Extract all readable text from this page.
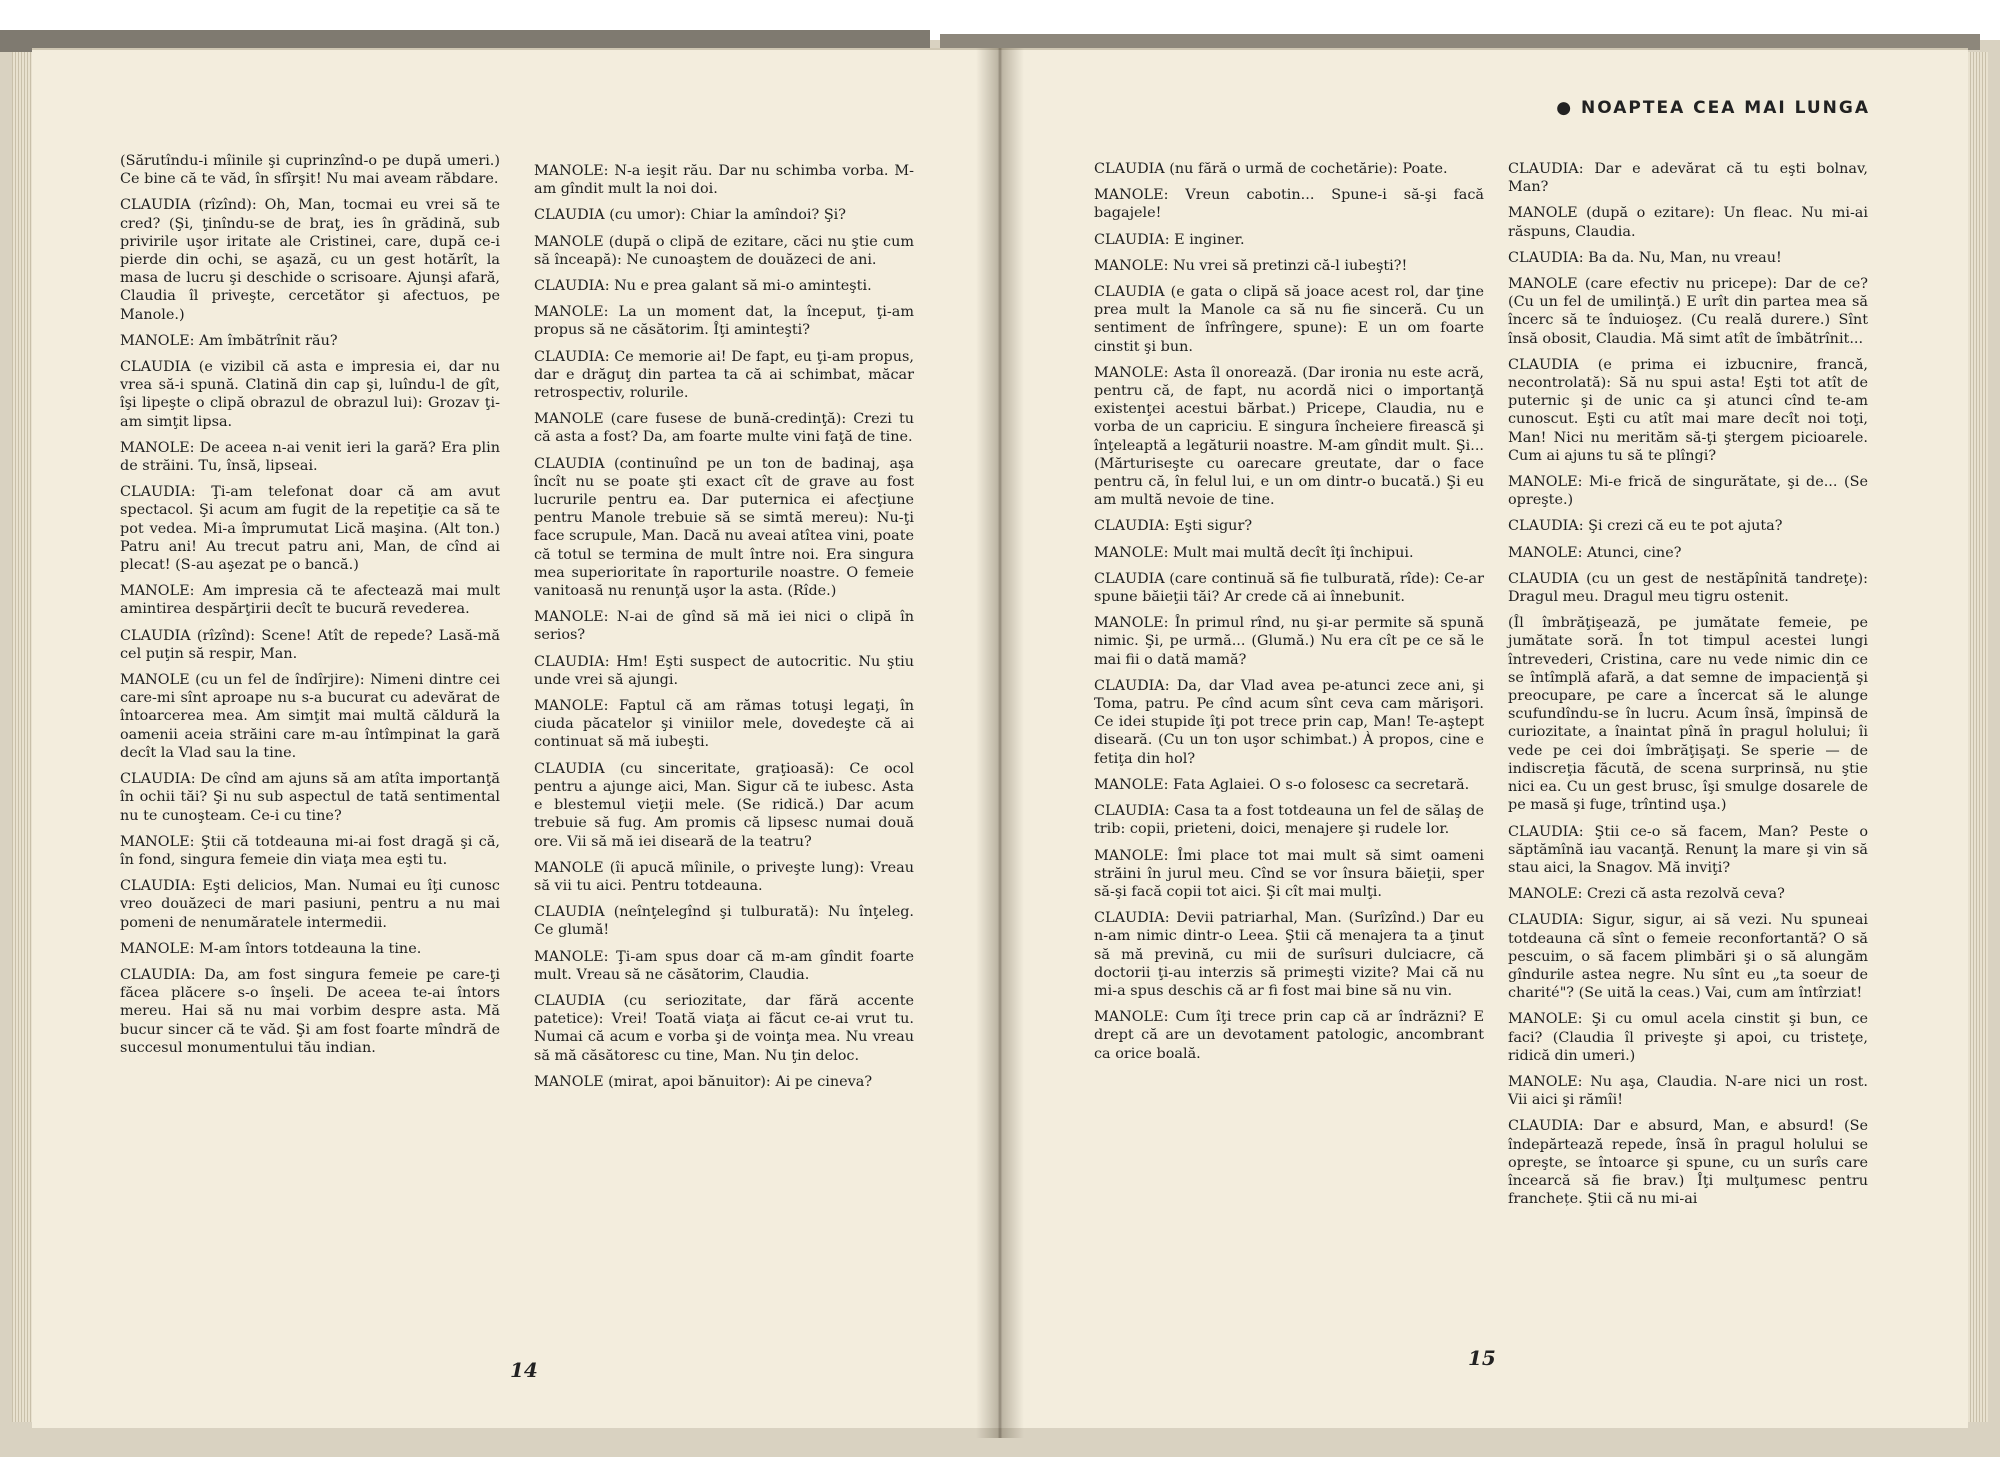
(Sărutîndu-i mîinile şi cuprinzînd-o pe după umeri.) Ce bine că te văd, în sfîrşit! Nu mai aveam răbdare.

CLAUDIA (rîzînd): Oh, Man, tocmai eu vrei să te cred? (Şi, ţinîndu-se de braţ, ies în grădină, sub privirile uşor iritate ale Cristinei, care, după ce-i pierde din ochi, se aşază, cu un gest hotărît, la masa de lucru şi deschide o scrisoare. Ajunşi afară, Claudia îl priveşte, cercetător şi afectuos, pe Manole.)

MANOLE: Am îmbătrînit rău?

CLAUDIA (e vizibil că asta e impresia ei, dar nu vrea să-i spună. Clatină din cap şi, luîndu-l de gît, îşi lipeşte o clipă obrazul de obrazul lui): Grozav ţi-am simţit lipsa.

MANOLE: De aceea n-ai venit ieri la gară? Era plin de străini. Tu, însă, lipseai.

CLAUDIA: Ţi-am telefonat doar că am avut spectacol. Şi acum am fugit de la repetiţie ca să te pot vedea. Mi-a împrumutat Lică maşina. (Alt ton.) Patru ani! Au trecut patru ani, Man, de cînd ai plecat! (S-au aşezat pe o bancă.)

MANOLE: Am impresia că te afectează mai mult amintirea despărţirii decît te bucură revederea.

CLAUDIA (rîzînd): Scene! Atît de repede? Lasă-mă cel puţin să respir, Man.

MANOLE (cu un fel de îndîrjire): Nimeni dintre cei care-mi sînt aproape nu s-a bucurat cu adevărat de întoarcerea mea. Am simţit mai multă căldură la oamenii aceia străini care m-au întîmpinat la gară decît la Vlad sau la tine.

CLAUDIA: De cînd am ajuns să am atîta importanţă în ochii tăi? Şi nu sub aspectul de tată sentimental nu te cunoşteam. Ce-i cu tine?

MANOLE: Ştii că totdeauna mi-ai fost dragă şi că, în fond, singura femeie din viaţa mea eşti tu.

CLAUDIA: Eşti delicios, Man. Numai eu îţi cunosc vreo douăzeci de mari pasiuni, pentru a nu mai pomeni de nenumăratele intermedii.

MANOLE: M-am întors totdeauna la tine.

CLAUDIA: Da, am fost singura femeie pe care-ţi făcea plăcere s-o înşeli. De aceea te-ai întors mereu. Hai să nu mai vorbim despre asta. Mă bucur sincer că te văd. Şi am fost foarte mîndră de succesul monumentului tău indian.

MANOLE: N-a ieşit rău. Dar nu schimba vorba. M-am gîndit mult la noi doi.

CLAUDIA (cu umor): Chiar la amîndoi? Şi?

MANOLE (după o clipă de ezitare, căci nu ştie cum să înceapă): Ne cunoaştem de douăzeci de ani.

CLAUDIA: Nu e prea galant să mi-o aminteşti.

MANOLE: La un moment dat, la început, ţi-am propus să ne căsătorim. Îţi aminteşti?

CLAUDIA: Ce memorie ai! De fapt, eu ţi-am propus, dar e drăguţ din partea ta că ai schimbat, măcar retrospectiv, rolurile.

MANOLE (care fusese de bună-credinţă): Crezi tu că asta a fost? Da, am foarte multe vini faţă de tine.

CLAUDIA (continuînd pe un ton de badinaj, aşa încît nu se poate şti exact cît de grave au fost lucrurile pentru ea. Dar puternica ei afecţiune pentru Manole trebuie să se simtă mereu): Nu-ţi face scrupule, Man. Dacă nu aveai atîtea vini, poate că totul se termina de mult între noi. Era singura mea superioritate în raporturile noastre. O femeie vanitoasă nu renunţă uşor la asta. (Rîde.)

MANOLE: N-ai de gînd să mă iei nici o clipă în serios?

CLAUDIA: Hm! Eşti suspect de autocritic. Nu ştiu unde vrei să ajungi.

MANOLE: Faptul că am rămas totuşi legaţi, în ciuda păcatelor şi viniilor mele, dovedeşte că ai continuat să mă iubeşti.

CLAUDIA (cu sinceritate, graţioasă): Ce ocol pentru a ajunge aici, Man. Sigur că te iubesc. Asta e blestemul vieţii mele. (Se ridică.) Dar acum trebuie să fug. Am promis că lipsesc numai două ore. Vii să mă iei diseară de la teatru?

MANOLE (îi apucă mîinile, o priveşte lung): Vreau să vii tu aici. Pentru totdeauna.

CLAUDIA (neînţelegînd şi tulburată): Nu înţeleg. Ce glumă!

MANOLE: Ţi-am spus doar că m-am gîndit foarte mult. Vreau să ne căsătorim, Claudia.

CLAUDIA (cu seriozitate, dar fără accente patetice): Vrei! Toată viaţa ai făcut ce-ai vrut tu. Numai că acum e vorba şi de voinţa mea. Nu vreau să mă căsătoresc cu tine, Man. Nu ţin deloc.

MANOLE (mirat, apoi bănuitor): Ai pe cineva?

14

CLAUDIA (nu fără o urmă de cochetărie): Poate.

MANOLE: Vreun cabotin... Spune-i să-şi facă bagajele!

CLAUDIA: E inginer.

MANOLE: Nu vrei să pretinzi că-l iubeşti?!

CLAUDIA (e gata o clipă să joace acest rol, dar ţine prea mult la Manole ca să nu fie sinceră. Cu un sentiment de înfrîngere, spune): E un om foarte cinstit şi bun.

MANOLE: Asta îl onorează. (Dar ironia nu este acră, pentru că, de fapt, nu acordă nici o importanţă existenţei acestui bărbat.) Pricepe, Claudia, nu e vorba de un capriciu. E singura încheiere firească şi înţeleaptă a legăturii noastre. M-am gîndit mult. Şi... (Mărturiseşte cu oarecare greutate, dar o face pentru că, în felul lui, e un om dintr-o bucată.) Şi eu am multă nevoie de tine.

CLAUDIA: Eşti sigur?

MANOLE: Mult mai multă decît îţi închipui.

CLAUDIA (care continuă să fie tulburată, rîde): Ce-ar spune băieţii tăi? Ar crede că ai înnebunit.

MANOLE: În primul rînd, nu şi-ar permite să spună nimic. Şi, pe urmă... (Glumă.) Nu era cît pe ce să le mai fii o dată mamă?

CLAUDIA: Da, dar Vlad avea pe-atunci zece ani, şi Toma, patru. Pe cînd acum sînt ceva cam mărişori. Ce idei stupide îţi pot trece prin cap, Man! Te-aştept diseară. (Cu un ton uşor schimbat.) À propos, cine e fetiţa din hol?

MANOLE: Fata Aglaiei. O s-o folosesc ca secretară.

CLAUDIA: Casa ta a fost totdeauna un fel de sălaş de trib: copii, prieteni, doici, menajere şi rudele lor.

MANOLE: Îmi place tot mai mult să simt oameni străini în jurul meu. Cînd se vor însura băieţii, sper să-şi facă copii tot aici. Şi cît mai mulţi.

CLAUDIA: Devii patriarhal, Man. (Surîzînd.) Dar eu n-am nimic dintr-o Leea. Ştii că menajera ta a ţinut să mă prevină, cu mii de surîsuri dulciacre, că doctorii ţi-au interzis să primeşti vizite? Mai că nu mi-a spus deschis că ar fi fost mai bine să nu vin.

MANOLE: Cum îţi trece prin cap că ar îndrăzni? E drept că are un devotament patologic, ancombrant ca orice boală.

CLAUDIA: Dar e adevărat că tu eşti bolnav, Man?

MANOLE (după o ezitare): Un fleac. Nu mi-ai răspuns, Claudia.

CLAUDIA: Ba da. Nu, Man, nu vreau!

MANOLE (care efectiv nu pricepe): Dar de ce? (Cu un fel de umilinţă.) E urît din partea mea să încerc să te înduioşez. (Cu reală durere.) Sînt însă obosit, Claudia. Mă simt atît de îmbătrînit...

CLAUDIA (e prima ei izbucnire, francă, necontrolată): Să nu spui asta! Eşti tot atît de puternic şi de unic ca şi atunci cînd te-am cunoscut. Eşti cu atît mai mare decît noi toţi, Man! Nici nu merităm să-ţi ştergem picioarele. Cum ai ajuns tu să te plîngi?

MANOLE: Mi-e frică de singurătate, şi de... (Se opreşte.)

CLAUDIA: Şi crezi că eu te pot ajuta?

MANOLE: Atunci, cine?

CLAUDIA (cu un gest de nestăpînită tandreţe): Dragul meu. Dragul meu tigru ostenit.

(Îl îmbrăţişează, pe jumătate femeie, pe jumătate soră. În tot timpul acestei lungi întrevederi, Cristina, care nu vede nimic din ce se întîmplă afară, a dat semne de impacienţă şi preocupare, pe care a încercat să le alunge scufundîndu-se în lucru. Acum însă, împinsă de curiozitate, a înaintat pînă în pragul holului; îi vede pe cei doi îmbrăţişaţi. Se sperie — de indiscreţia făcută, de scena surprinsă, nu ştie nici ea. Cu un gest brusc, îşi smulge dosarele de pe masă şi fuge, trîntind uşa.)

CLAUDIA: Ştii ce-o să facem, Man? Peste o săptămînă iau vacanţă. Renunţ la mare şi vin să stau aici, la Snagov. Mă inviţi?

MANOLE: Crezi că asta rezolvă ceva?

CLAUDIA: Sigur, sigur, ai să vezi. Nu spuneai totdeauna că sînt o femeie reconfortantă? O să pescuim, o să facem plimbări şi o să alungăm gîndurile astea negre. Nu sînt eu „ta soeur de charité"? (Se uită la ceas.) Vai, cum am întîrziat!

MANOLE: Şi cu omul acela cinstit şi bun, ce faci? (Claudia îl priveşte şi apoi, cu tristeţe, ridică din umeri.)

MANOLE: Nu aşa, Claudia. N-are nici un rost. Vii aici şi rămîi!

CLAUDIA: Dar e absurd, Man, e absurd! (Se îndepărtează repede, însă în pragul holului se opreşte, se întoarce şi spune, cu un surîs care încearcă să fie brav.) Îţi mulţumesc pentru franchețe. Ştii că nu mi-ai

15
● NOAPTEA CEA MAI LUNGA
